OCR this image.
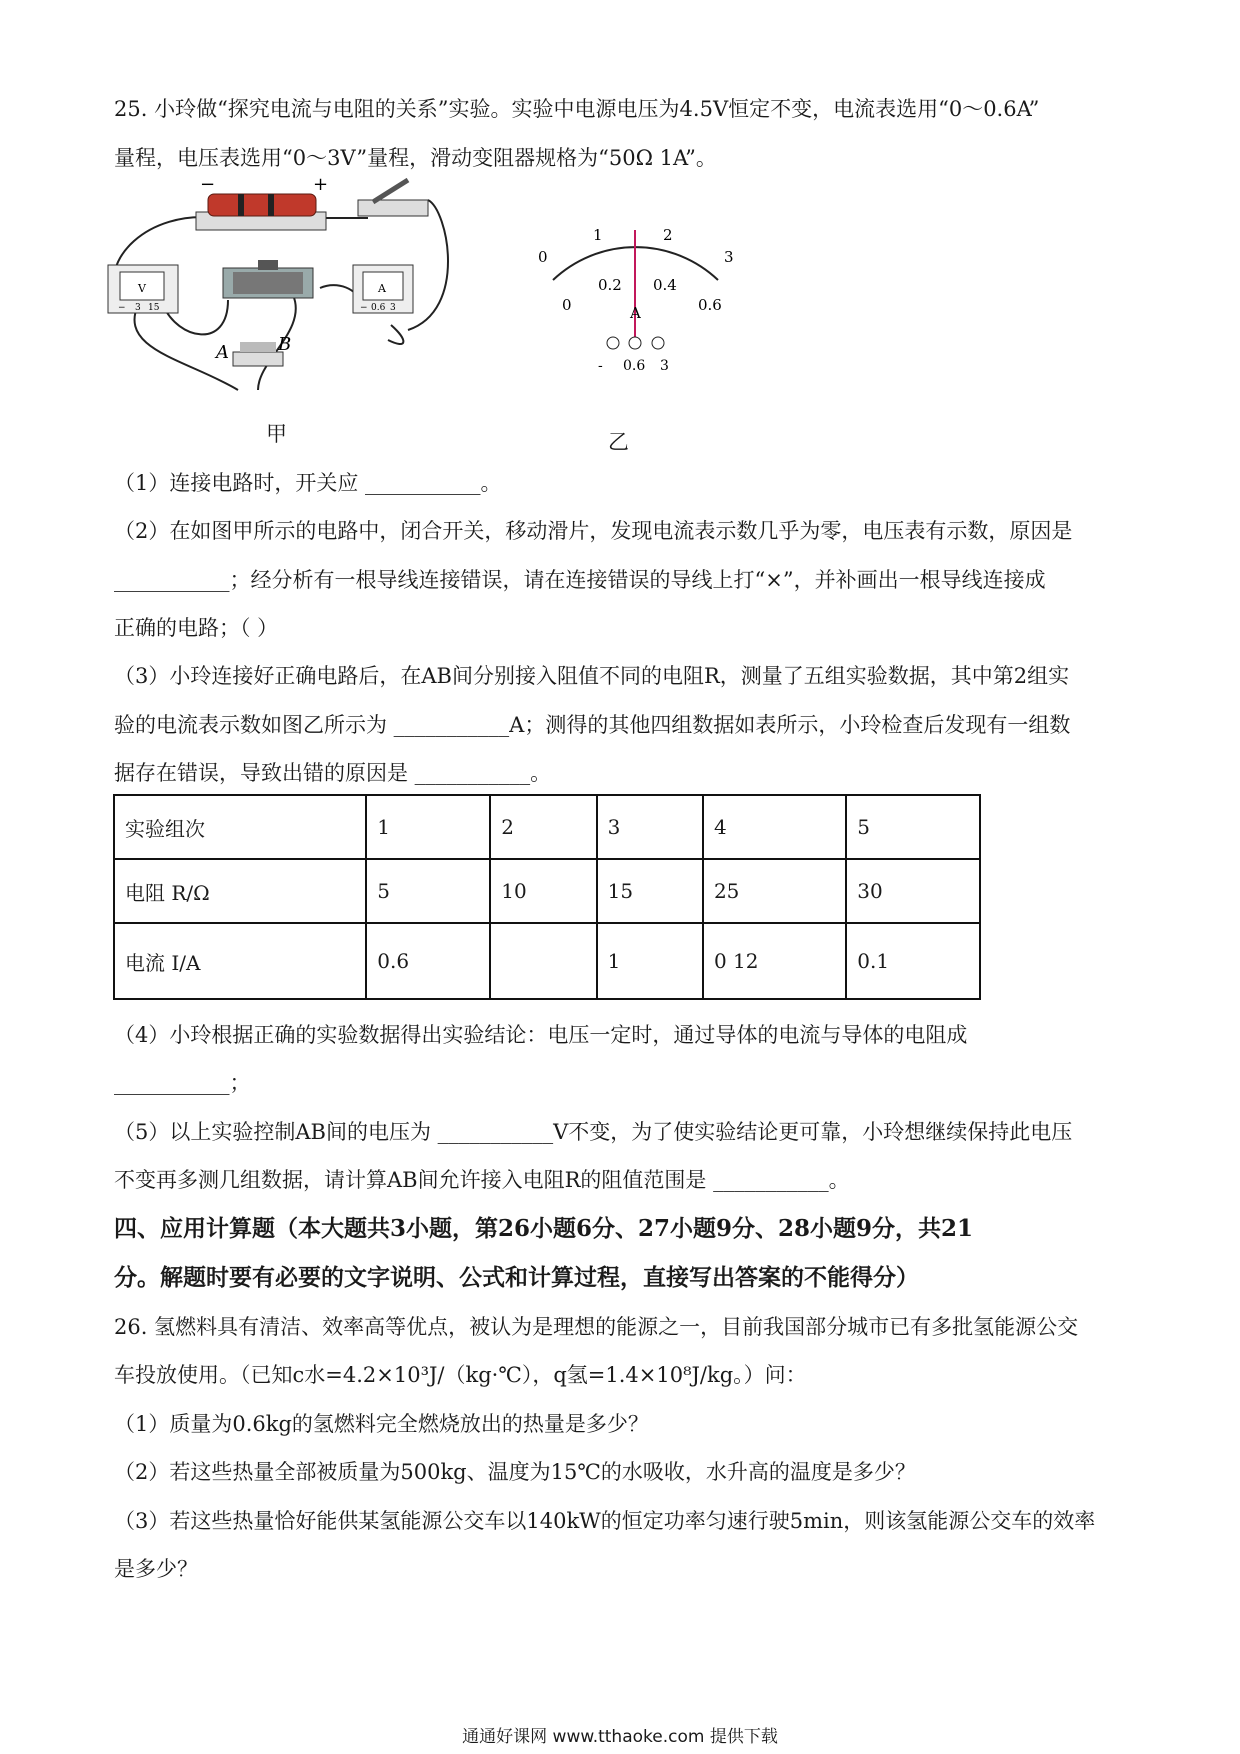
25. 小玲做“探究电流与电阻的关系”实验。实验中电源电压为4.5V恒定不变，电流表选用“0～0.6A”
量程，电压表选用“0～3V”量程，滑动变阻器规格为“50Ω 1A”。
−	+
V
− 3 15
A
− 0.6 3
A	B
0
1	2
3
0
0.2 0.4
0.6
A
- 0.6 3
甲	乙
（1）连接电路时，开关应 ___________。
（2）在如图甲所示的电路中，闭合开关，移动滑片，发现电流表示数几乎为零，电压表有示数，原因是
___________；经分析有一根导线连接错误，请在连接错误的导线上打“×”，并补画出一根导线连接成
正确的电路；（ ）
（3）小玲连接好正确电路后，在AB间分别接入阻值不同的电阻R，测量了五组实验数据，其中第2组实
验的电流表示数如图乙所示为 ___________A；测得的其他四组数据如表所示，小玲检查后发现有一组数
据存在错误，导致出错的原因是 ___________。
实验组次	1	2	3	4	5
电阻 R/Ω	5	10	15	25	30
电流 I/A	0.6		1	0 12	0.1
（4）小玲根据正确的实验数据得出实验结论：电压一定时，通过导体的电流与导体的电阻成
___________；
（5）以上实验控制AB间的电压为 ___________V不变，为了使实验结论更可靠，小玲想继续保持此电压
不变再多测几组数据，请计算AB间允许接入电阻R的阻值范围是 ___________。
四、应用计算题（本大题共3小题，第26小题6分、27小题9分、28小题9分，共21
分。解题时要有必要的文字说明、公式和计算过程，直接写出答案的不能得分）
26. 氢燃料具有清洁、效率高等优点，被认为是理想的能源之一，目前我国部分城市已有多批氢能源公交
车投放使用。（已知c水=4.2×10³J/（kg·℃），q氢=1.4×10⁸J/kg。）问：
（1）质量为0.6kg的氢燃料完全燃烧放出的热量是多少？
（2）若这些热量全部被质量为500kg、温度为15℃的水吸收，水升高的温度是多少？
（3）若这些热量恰好能供某氢能源公交车以140kW的恒定功率匀速行驶5min，则该氢能源公交车的效率
是多少？
通通好课网 www.tthaoke.com 提供下载
